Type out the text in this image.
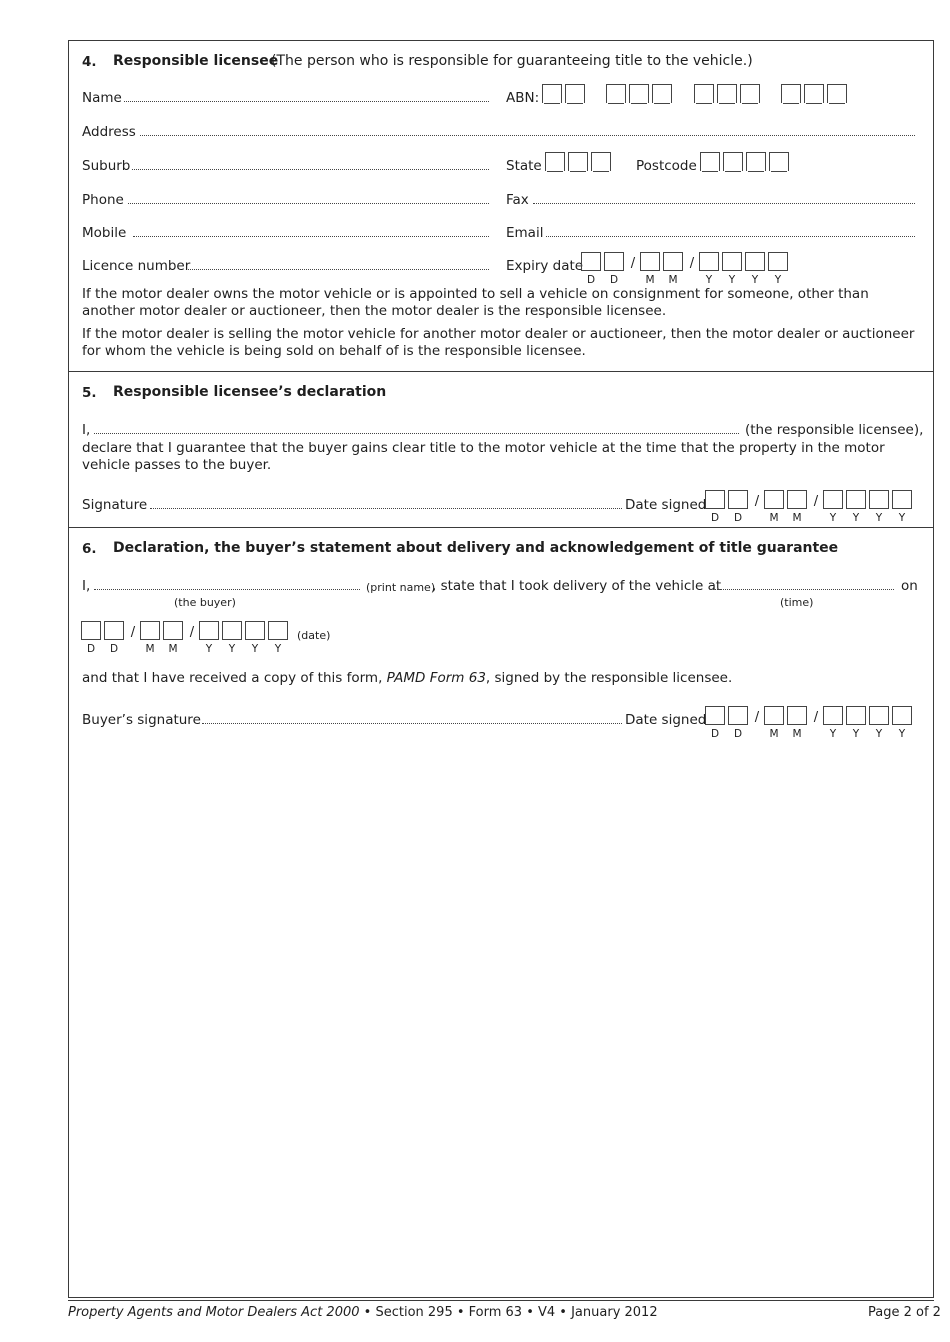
4. Responsible licensee
(The person who is responsible for guaranteeing title to the vehicle.)
Name	ABN:

Address
Suburb	State	Postcode
Phone	Fax
Mobile	Email
Licence number	Expiry date	/	/
D D	M M	Y Y Y Y
If the motor dealer owns the motor vehicle or is appointed to sell a vehicle on consignment for someone, other than another motor dealer or auctioneer, then the motor dealer is the responsible licensee.
If the motor dealer is selling the motor vehicle for another motor dealer or auctioneer, then the motor dealer or auctioneer for whom the vehicle is being sold on behalf of is the responsible licensee.
5. Responsible licensee’s declaration
I,	(the responsible licensee),
declare that I guarantee that the buyer gains clear title to the motor vehicle at the time that the property in the motor vehicle passes to the buyer.
Signature	Date signed	/	/
D D	M M	Y Y Y Y
6. Declaration, the buyer’s statement about delivery and acknowledgement of title guarantee
I,	(print name)
, state that I took delivery of the vehicle at	on
(the buyer)	(time)
/	/
D D	M M	Y Y Y Y
(date)
and that I have received a copy of this form, PAMD Form 63, signed by the responsible licensee.
Buyer’s signature	Date signed	/	/
D D	M M	Y Y Y Y
Property Agents and Motor Dealers Act 2000 • Section 295 • Form 63 • V4 • January 2012	Page 2 of 2
